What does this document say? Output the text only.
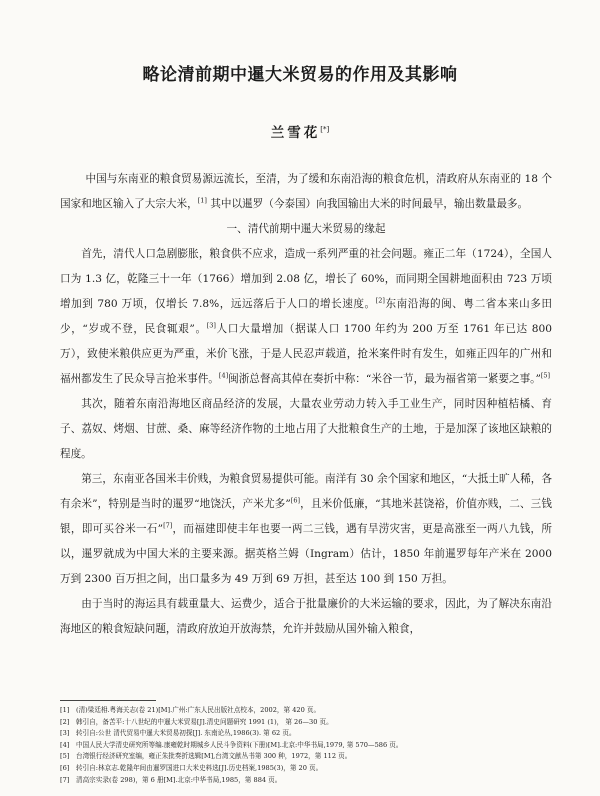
略论清前期中暹大米贸易的作用及其影响
兰雪花[*]

中国与东南亚的粮食贸易源远流长，至清，为了缓和东南沿海的粮食危机，清政府从东南亚的 18 个国家和地区输入了大宗大米，[1] 其中以暹罗（今泰国）向我国输出大米的时间最早，输出数量最多。

一、清代前期中暹大米贸易的缘起

首先，清代人口急剧膨胀，粮食供不应求，造成一系列严重的社会问题。雍正二年（1724），全国人口为 1.3 亿，乾隆三十一年（1766）增加到 2.08 亿，增长了 60%，而同期全国耕地面积由 723 万顷增加到 780 万顷，仅增长 7.8%，远远落后于人口的增长速度。[2]东南沿海的闽、粤二省本来山多田少，“岁或不登，民食辄艰”。[3]人口大量增加（据谋人口 1700 年约为 200 万至 1761 年已达 800 万），致使米粮供应更为严重，米价飞涨，于是人民忍声载道，抢米案件时有发生，如雍正四年的广州和福州都发生了民众导言抢米事件。[4]闽浙总督高其倬在奏折中称：“米谷一节，最为福省第一紧要之事。”[5]

其次，随着东南沿海地区商品经济的发展，大量农业劳动力转入手工业生产，同时因种植桔橘、育子、荔奴、烤烟、甘蔗、桑、麻等经济作物的土地占用了大批粮食生产的土地，于是加深了该地区缺粮的程度。

第三，东南亚各国米丰价贱，为粮食贸易提供可能。南洋有 30 余个国家和地区，“大抵土旷人稀，各有余米”，特别是当时的暹罗“地饶沃，产米尤多”[6]，且米价低廉，“其地米甚饶裕，价值亦贱，二、三钱银，即可买谷米一石”[7]，而福建即使丰年也要一两二三钱，遇有旱涝灾害，更是高涨至一两八九钱，所以，暹罗就成为中国大米的主要来源。据英格兰姆（Ingram）估计，1850 年前暹罗每年产米在 2000 万到 2300 百万担之间，出口量多为 49 万到 69 万担，甚至达 100 到 150 万担。

由于当时的海运具有载重量大、运费少，适合于批量廉价的大米运输的要求，因此，为了解决东南沿海地区的粮食短缺问题，清政府放迫开放海禁，允许并鼓励从国外输入粮食，

[1]	(清)梁廷枏.粤海关志(卷 21)[M].广州:广东人民出版社点校本，2002，第 420 页。
[2]	韩引自，备苦平:十八世纪的中暹大米贸易[J].清史问题研究 1991 (1)， 第 26—30 页。
[3]	转引自:公世 清代贸易中暹大米贸易初探[J]. 东南论丛,1986(3). 第 62 页。
[4]	中国人民大学清史研究所等编.康雍乾时期城乡人民斗争资料(下册)[M].北京:中华书局,1979, 第 570—586 页。
[5]	台湾银行经济研究室编，雍正朱批奏折选辑[M],台湾文献丛书第 300 种，1972，第 112 页。
[6]	转引自:林京志.乾隆年间由暹罗国进口大米史料选[J].历史档案,1985(3)，第 20 页。
[7]	清高宗实录(卷 298)，第 6 册[M].北京:中华书局,1985，第 884 页。
